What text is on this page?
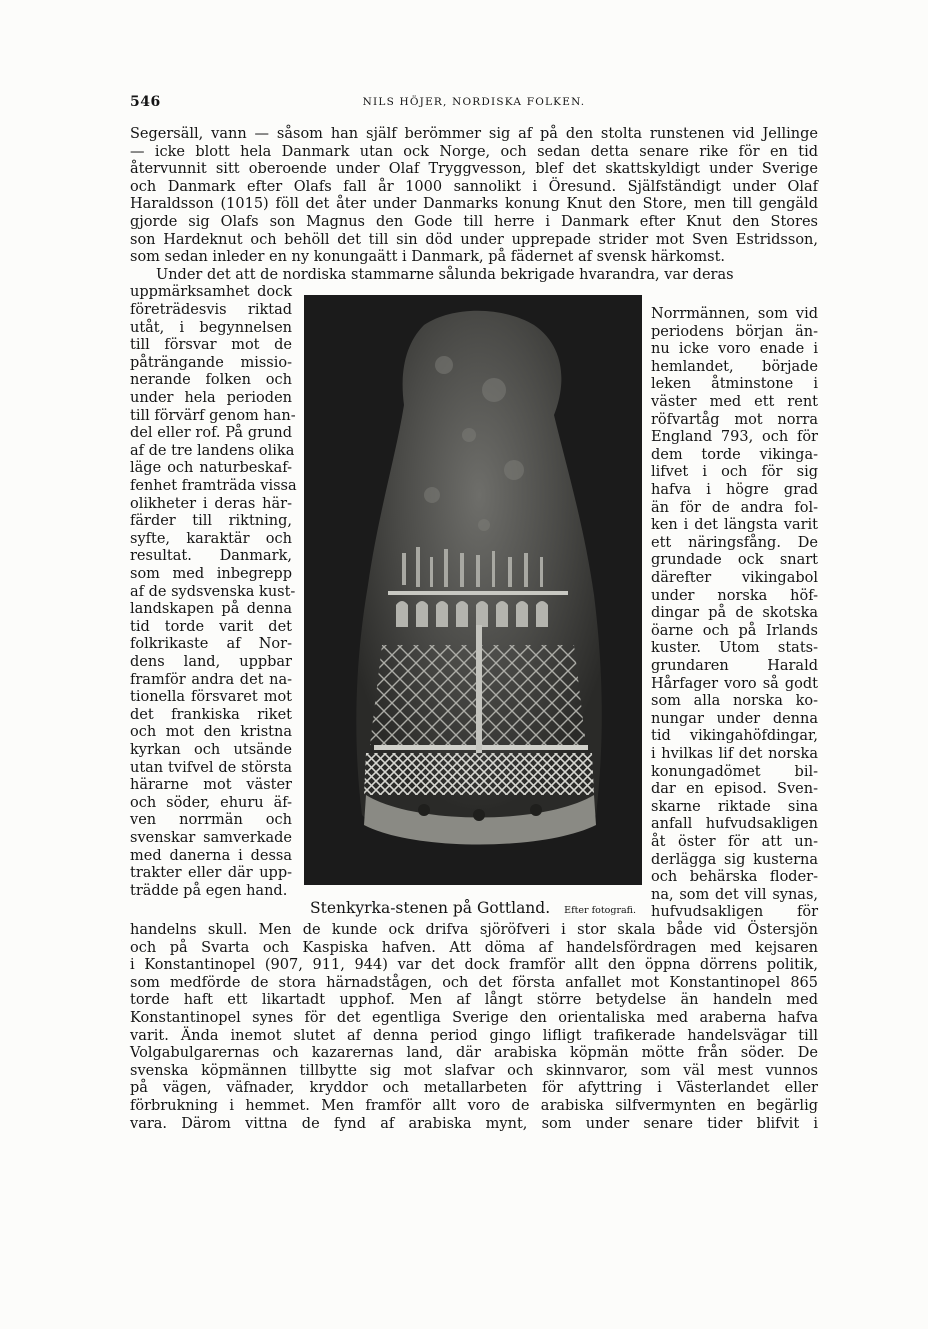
546	NILS HÖJER, NORDISKA FOLKEN.
Segersäll, vann — såsom han själf berömmer sig af på den stolta runstenen vid Jellinge
— icke blott hela Danmark utan ock Norge, och sedan detta senare rike för en tid
återvunnit sitt oberoende under Olaf Tryggvesson, blef det skattskyldigt under Sverige
och Danmark efter Olafs fall år 1000 sannolikt i Öresund. Själfständigt under Olaf
Haraldsson (1015) föll det åter under Danmarks konung Knut den Store, men till gengäld
gjorde sig Olafs son Magnus den Gode till herre i Danmark efter Knut den Stores
son Hardeknut och behöll det till sin död under upprepade strider mot Sven Estridsson,
som sedan inleder en ny konungaätt i Danmark, på fädernet af svensk härkomst.
Under det att de nordiska stammarne sålunda bekrigade hvarandra, var deras
uppmärksamhet dock
företrädesvis riktad
utåt, i begynnelsen
till försvar mot de
påträngande missio-
nerande folken och
under hela perioden
till förvärf genom han-
del eller rof. På grund
af de tre landens olika
läge och naturbeskaf-
fenhet framträda vissa
olikheter i deras här-
färder till riktning,
syfte, karaktär och
resultat. Danmark,
som med inbegrepp
af de sydsvenska kust-
landskapen på denna
tid torde varit det
folkrikaste af Nor-
dens land, uppbar
framför andra det na-
tionella försvaret mot
det frankiska riket
och mot den kristna
kyrkan och utsände
utan tvifvel de största
härarne mot väster
och söder, ehuru äf-
ven norrmän och
svenskar samverkade
med danerna i dessa
trakter eller där upp-
trädde på egen hand.
Norrmännen, som vid
periodens början än-
nu icke voro enade i
hemlandet, började
leken åtminstone i
väster med ett rent
röfvartåg mot norra
England 793, och för
dem torde vikinga-
lifvet i och för sig
hafva i högre grad
än för de andra fol-
ken i det längsta varit
ett näringsfång. De
grundade ock snart
därefter vikingabol
under norska höf-
dingar på de skotska
öarne och på Irlands
kuster. Utom stats-
grundaren Harald
Hårfager voro så godt
som alla norska ko-
nungar under denna
tid vikingahöfdingar,
i hvilkas lif det norska
konungadömet bil-
dar en episod. Sven-
skarne riktade sina
anfall hufvudsakligen
åt öster för att un-
derlägga sig kusterna
och behärska floder-
na, som det vill synas,
hufvudsakligen för
handelns skull. Men de kunde ock drifva sjöröfveri i stor skala både vid Östersjön
och på Svarta och Kaspiska hafven. Att döma af handelsfördragen med kejsaren
i Konstantinopel (907, 911, 944) var det dock framför allt den öppna dörrens politik,
som medförde de stora härnadstågen, och det första anfallet mot Konstantinopel 865
torde haft ett likartadt upphof. Men af långt större betydelse än handeln med
Konstantinopel synes för det egentliga Sverige den orientaliska med araberna hafva
varit. Ända inemot slutet af denna period gingo lifligt trafikerade handelsvägar till
Volgabulgarernas och kazarernas land, där arabiska köpmän mötte från söder. De
svenska köpmännen tillbytte sig mot slafvar och skinnvaror, som väl mest vunnos
på vägen, väfnader, kryddor och metallarbeten för afyttring i Västerlandet eller
förbrukning i hemmet. Men framför allt voro de arabiska silfvermynten en begärlig
vara. Därom vittna de fynd af arabiska mynt, som under senare tider blifvit i
Stenkyrka-stenen på Gottland. Efter fotografi.
